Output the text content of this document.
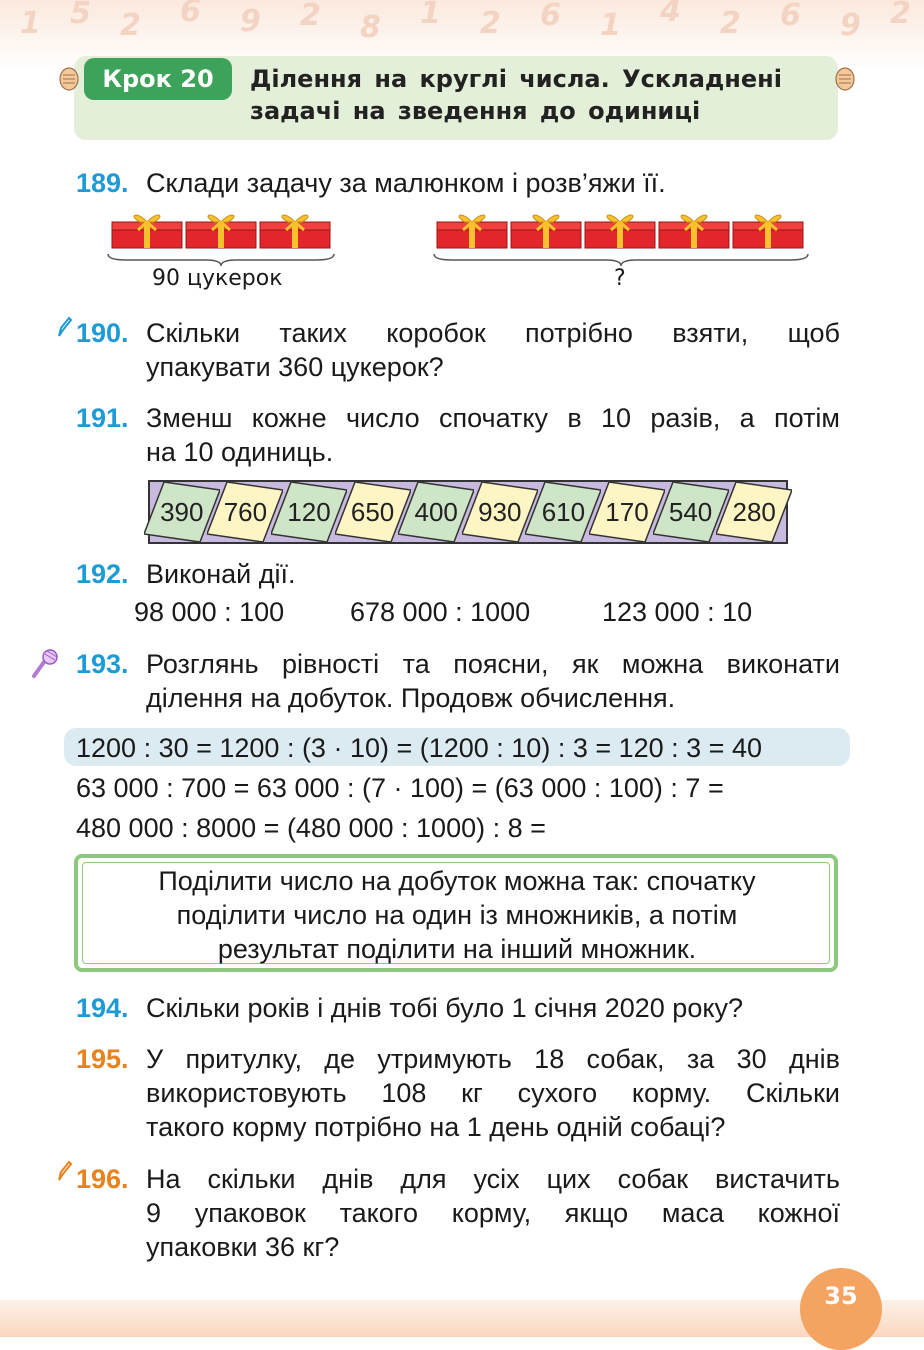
1 5 2 6 9 2 8 1 2 6 1 4 2 6 9 2
Крок 20	Ділення на круглі числа. Ускладнені
задачі на зведення до одиниці
189. Склади задачу за малюнком і розв’яжи її.
90 цукерок	?
190. Скільки таких коробок потрібно взяти, щоб
упакувати 360 цукерок?
191. Зменш кожне число спочатку в 10 разів, а потім
на 10 одиниць.
390 760 120 650 400 930 610 170 540 280
192. Виконай дії.
98 000 : 100 678 000 : 1000	123 000 : 10
193. Розглянь рівності та поясни, як можна виконати
ділення на добуток. Продовж обчислення.
1200 : 30 = 1200 : (3 · 10) = (1200 : 10) : 3 = 120 : 3 = 40
63 000 : 700 = 63 000 : (7 · 100) = (63 000 : 100) : 7 =
480 000 : 8000 = (480 000 : 1000) : 8 =
Поділити число на добуток можна так: спочатку
поділити число на один із множників, а потім
результат поділити на інший множник.
194. Скільки років і днів тобі було 1 січня 2020 року?
195. У притулку, де утримують 18 собак, за 30 днів
використовують 108 кг сухого корму. Скільки
такого корму потрібно на 1 день одній собаці?
196. На скільки днів для усіх цих собак вистачить
9 упаковок такого корму, якщо маса кожної
упаковки 36 кг?
35
